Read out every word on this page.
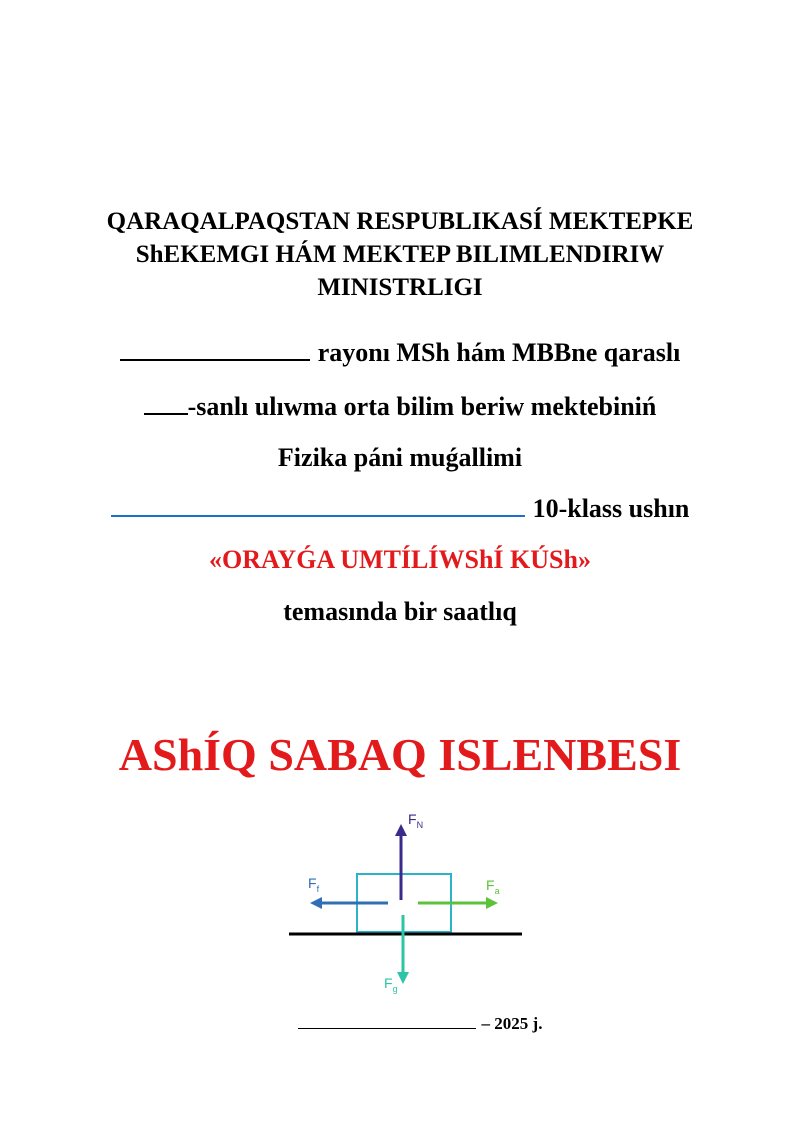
QARAQALPAQSTAN RESPUBLIKASÍ MEKTEPKE
ShEKEMGI HÁM MEKTEP BILIMLENDIRIW
MINISTRLIGI
rayonı MSh hám MBBne qaraslı
-sanlı ulıwma orta bilim beriw mektebiniń
Fizika páni muǵallimi
10-klass ushın
«ORAYǴA UMTÍLÍWShÍ KÚSh»
temasında bir saatlıq
AShÍQ SABAQ ISLENBESI
$F_N$
$F_f$	$F_a$
$F_g$
– 2025 j.
